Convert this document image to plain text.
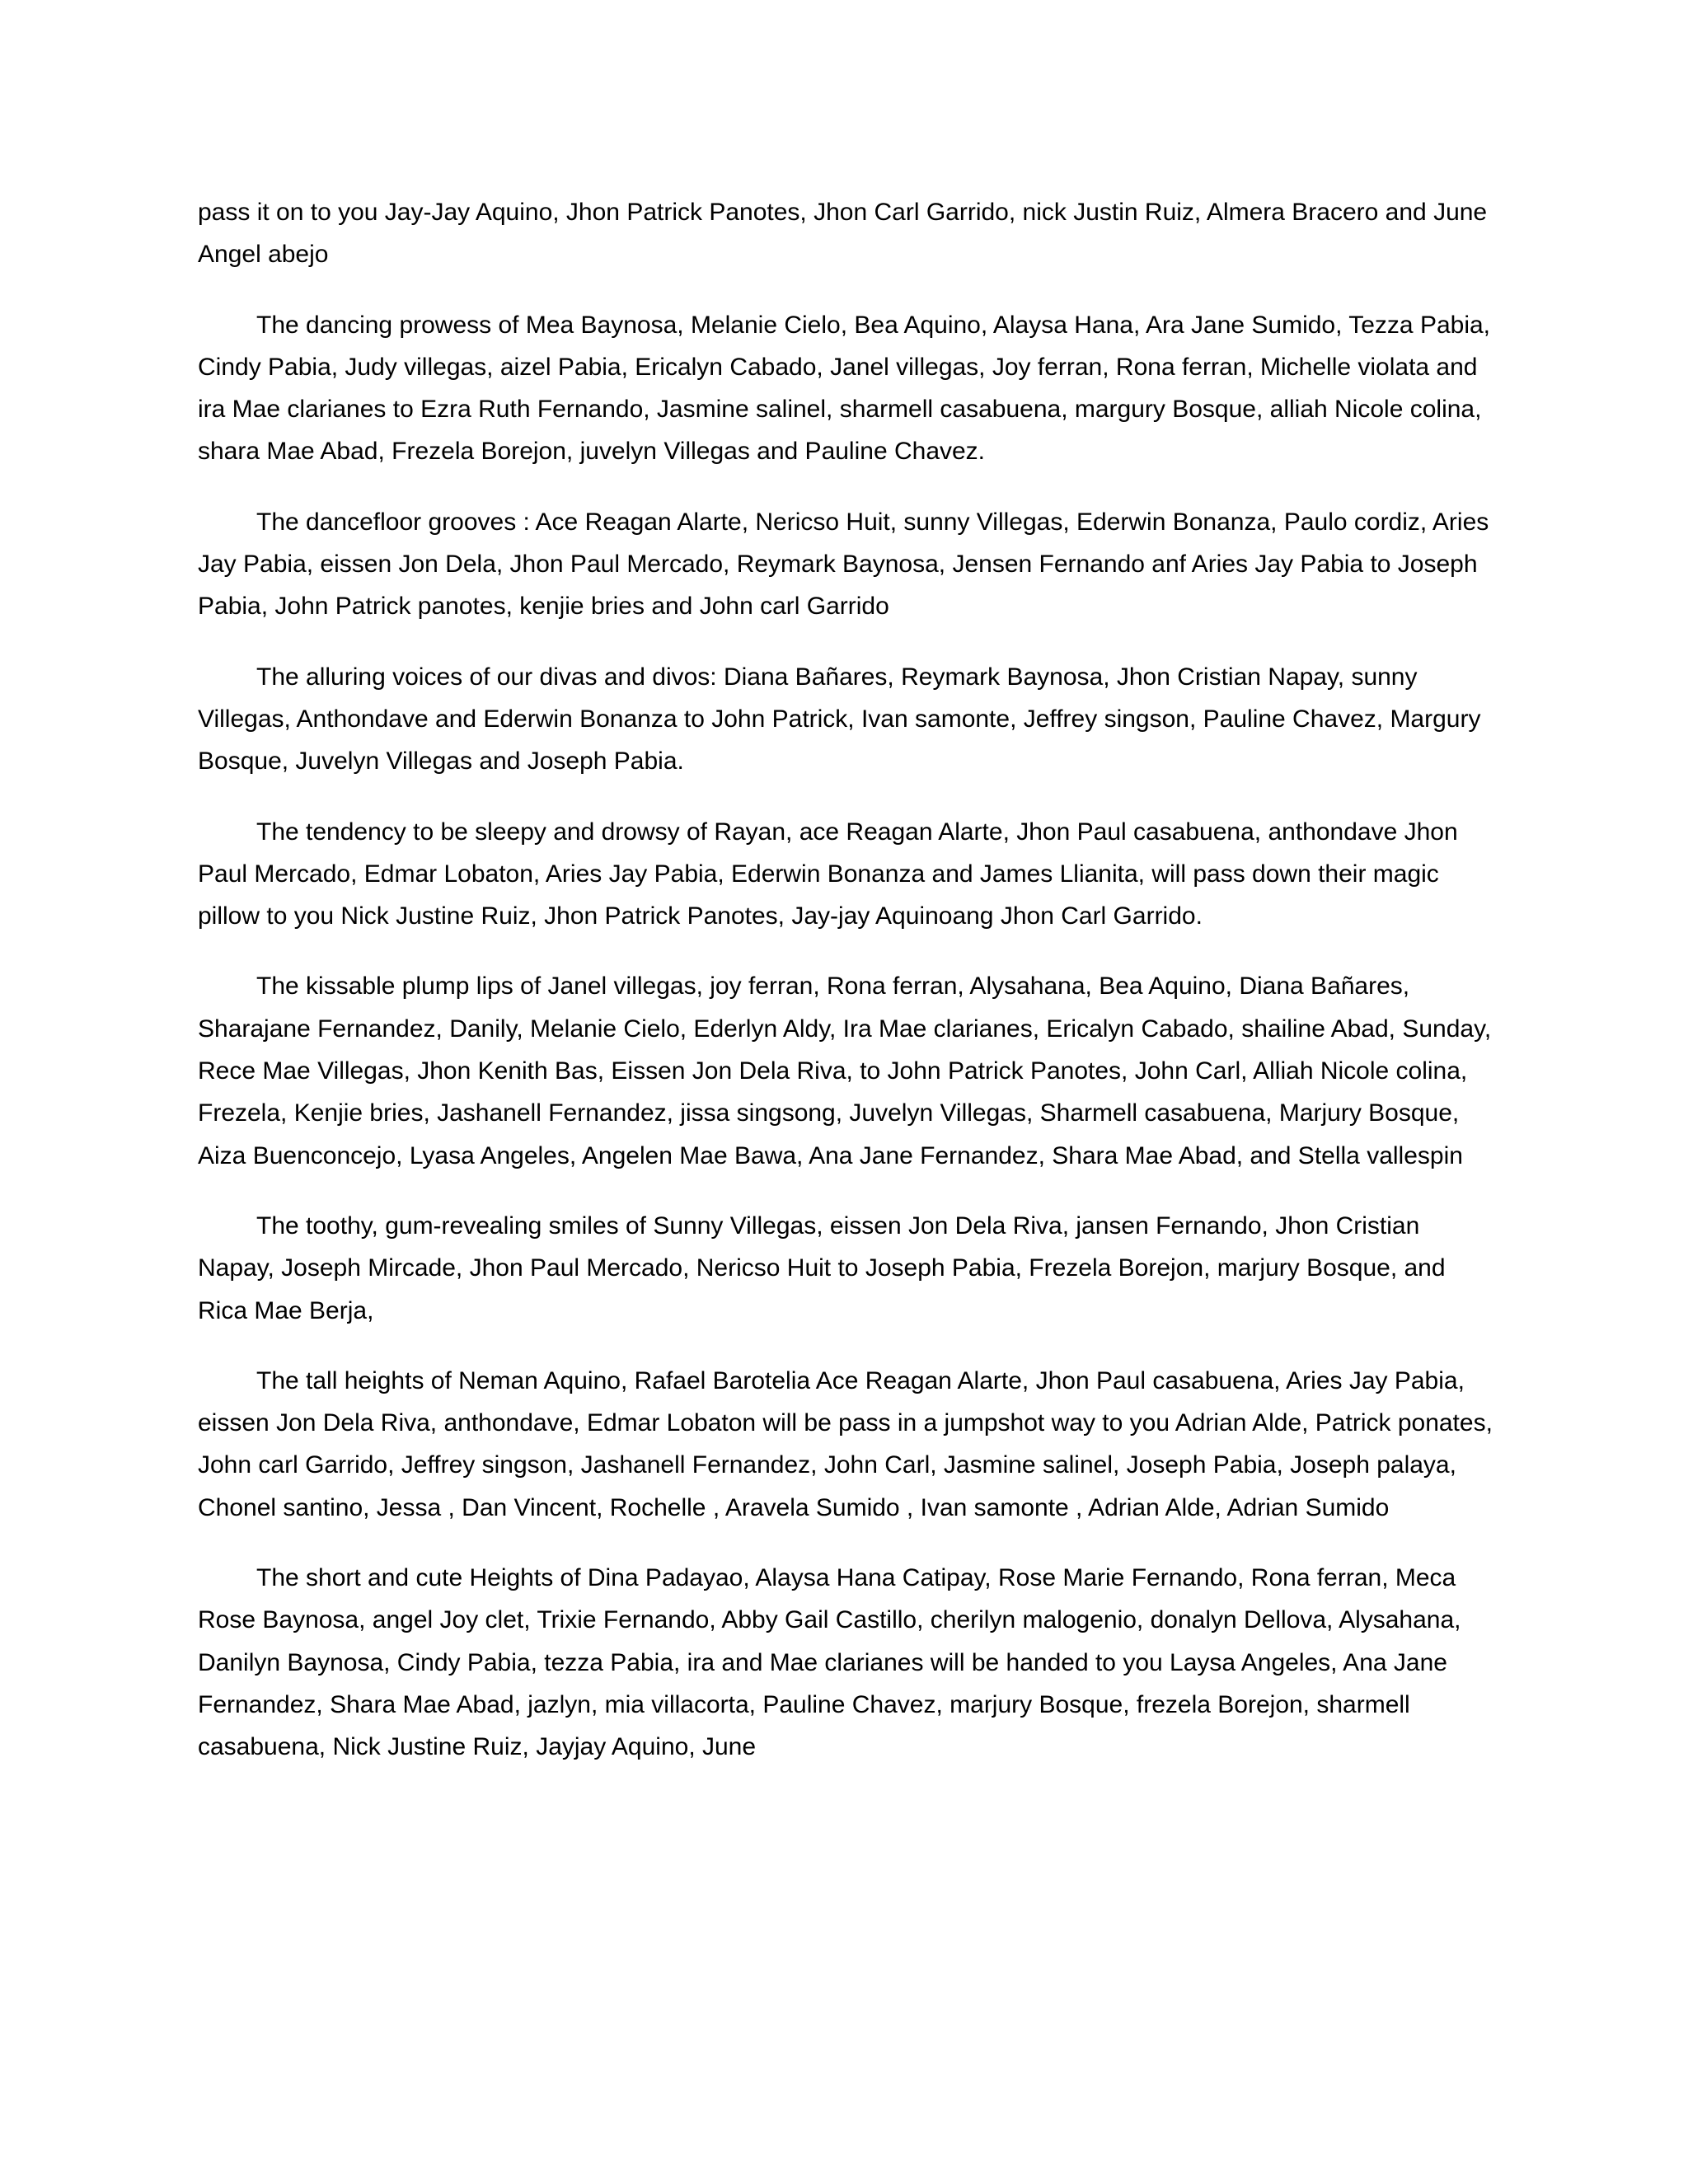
pass it on to you Jay-Jay Aquino, Jhon Patrick Panotes, Jhon Carl Garrido, nick Justin Ruiz, Almera Bracero and June Angel abejo

The dancing prowess of Mea Baynosa, Melanie Cielo, Bea Aquino, Alaysa Hana, Ara Jane Sumido, Tezza Pabia, Cindy Pabia, Judy villegas, aizel Pabia, Ericalyn Cabado, Janel villegas, Joy ferran, Rona ferran, Michelle violata and ira Mae clarianes to Ezra Ruth Fernando, Jasmine salinel, sharmell casabuena, margury Bosque, alliah Nicole colina, shara Mae Abad, Frezela Borejon, juvelyn Villegas and Pauline Chavez.

The dancefloor grooves : Ace Reagan Alarte, Nericso Huit, sunny Villegas, Ederwin Bonanza, Paulo cordiz, Aries Jay Pabia, eissen Jon Dela, Jhon Paul Mercado, Reymark Baynosa, Jensen Fernando anf Aries Jay Pabia to Joseph Pabia, John Patrick panotes, kenjie bries and John carl Garrido

The alluring voices of our divas and divos: Diana Bañares, Reymark Baynosa, Jhon Cristian Napay, sunny Villegas, Anthondave and Ederwin Bonanza to John Patrick, Ivan samonte, Jeffrey singson, Pauline Chavez, Margury Bosque, Juvelyn Villegas and Joseph Pabia.

The tendency to be sleepy and drowsy of Rayan, ace Reagan Alarte, Jhon Paul casabuena, anthondave Jhon Paul Mercado, Edmar Lobaton, Aries Jay Pabia, Ederwin Bonanza and James Llianita, will pass down their magic pillow to you Nick Justine Ruiz, Jhon Patrick Panotes, Jay-jay Aquinoang Jhon Carl Garrido.

The kissable plump lips of Janel villegas, joy ferran, Rona ferran, Alysahana, Bea Aquino, Diana Bañares, Sharajane Fernandez, Danily, Melanie Cielo, Ederlyn Aldy, Ira Mae clarianes, Ericalyn Cabado, shailine Abad, Sunday, Rece Mae Villegas, Jhon Kenith Bas, Eissen Jon Dela Riva, to John Patrick Panotes, John Carl, Alliah Nicole colina, Frezela, Kenjie bries, Jashanell Fernandez, jissa singsong, Juvelyn Villegas, Sharmell casabuena, Marjury Bosque, Aiza Buenconcejo, Lyasa Angeles, Angelen Mae Bawa, Ana Jane Fernandez, Shara Mae Abad, and Stella vallespin

The toothy, gum-revealing smiles of Sunny Villegas, eissen Jon Dela Riva, jansen Fernando, Jhon Cristian Napay, Joseph Mircade, Jhon Paul Mercado, Nericso Huit to Joseph Pabia, Frezela Borejon, marjury Bosque, and Rica Mae Berja,

The tall heights of Neman Aquino, Rafael Barotelia Ace Reagan Alarte, Jhon Paul casabuena, Aries Jay Pabia, eissen Jon Dela Riva, anthondave, Edmar Lobaton will be pass in a jumpshot way to you Adrian Alde, Patrick ponates, John carl Garrido, Jeffrey singson, Jashanell Fernandez, John Carl, Jasmine salinel, Joseph Pabia, Joseph palaya, Chonel santino, Jessa , Dan Vincent, Rochelle , Aravela Sumido , Ivan samonte , Adrian Alde, Adrian Sumido

The short and cute Heights of Dina Padayao, Alaysa Hana Catipay, Rose Marie Fernando, Rona ferran, Meca Rose Baynosa, angel Joy clet, Trixie Fernando, Abby Gail Castillo, cherilyn malogenio, donalyn Dellova, Alysahana, Danilyn Baynosa, Cindy Pabia, tezza Pabia, ira and Mae clarianes will be handed to you Laysa Angeles, Ana Jane Fernandez, Shara Mae Abad, jazlyn, mia villacorta, Pauline Chavez, marjury Bosque, frezela Borejon, sharmell casabuena, Nick Justine Ruiz, Jayjay Aquino, June
